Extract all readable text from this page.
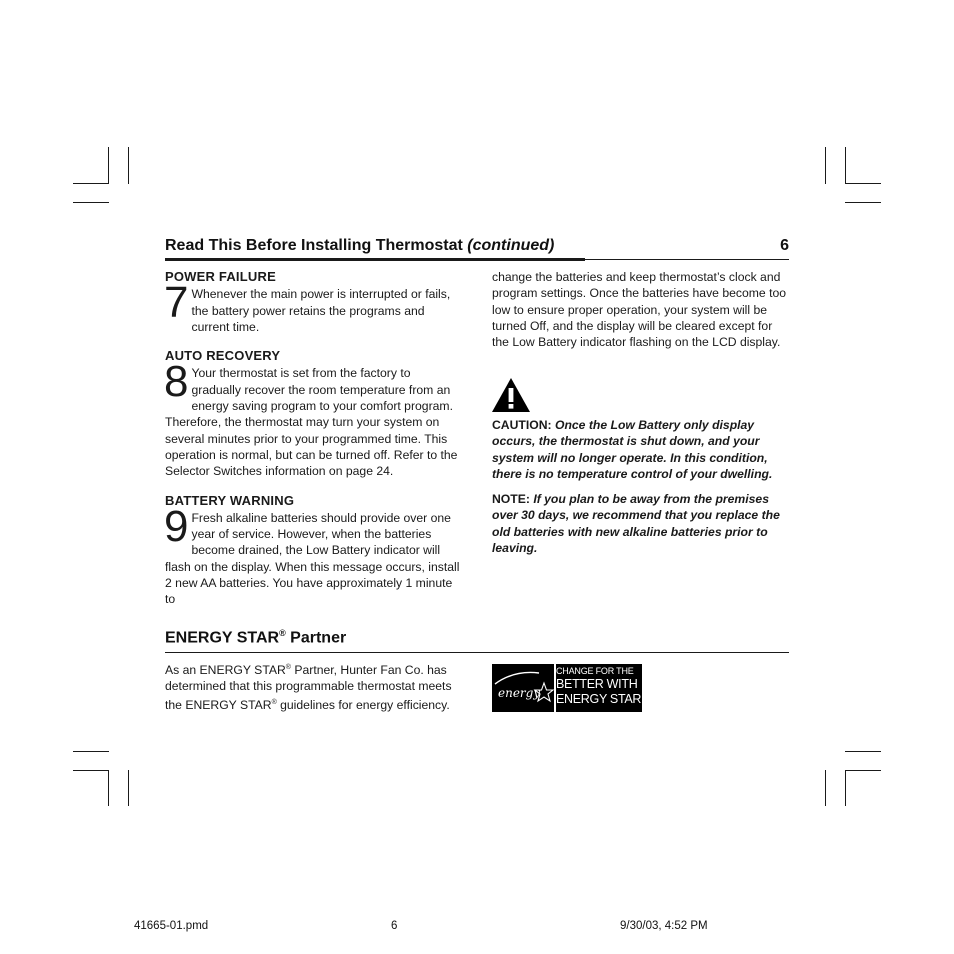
Read This Before Installing Thermostat (continued)	6
POWER FAILURE

7 Whenever the main power is interrupted or fails, the battery power retains the programs and current time.

AUTO RECOVERY

8 Your thermostat is set from the factory to gradually recover the room temperature from an energy saving program to your comfort program. Therefore, the thermostat may turn your system on several minutes prior to your programmed time. This operation is normal, but can be turned off. Refer to the Selector Switches information on page 24.

BATTERY WARNING

9 Fresh alkaline batteries should provide over one year of service. However, when the batteries become drained, the Low Battery indicator will flash on the display. When this message occurs, install 2 new AA batteries. You have approximately 1 minute to

change the batteries and keep thermostat’s clock and program settings. Once the batteries have become too low to ensure proper operation, your system will be turned Off, and the display will be cleared except for the Low Battery indicator flashing on the LCD display.

CAUTION: Once the Low Battery only display occurs, the thermostat is shut down, and your system will no longer operate. In this condition, there is no temperature control of your dwelling.

NOTE: If you plan to be away from the premises over 30 days, we recommend that you replace the old batteries with new alkaline batteries prior to leaving.

ENERGY STAR® Partner

As an ENERGY STAR® Partner, Hunter Fan Co. has determined that this programmable thermostat meets the ENERGY STAR® guidelines for energy efficiency.

energy
CHANGE FOR THE
BETTER WITH
ENERGY STAR
41665-01.pmd	6	9/30/03, 4:52 PM
